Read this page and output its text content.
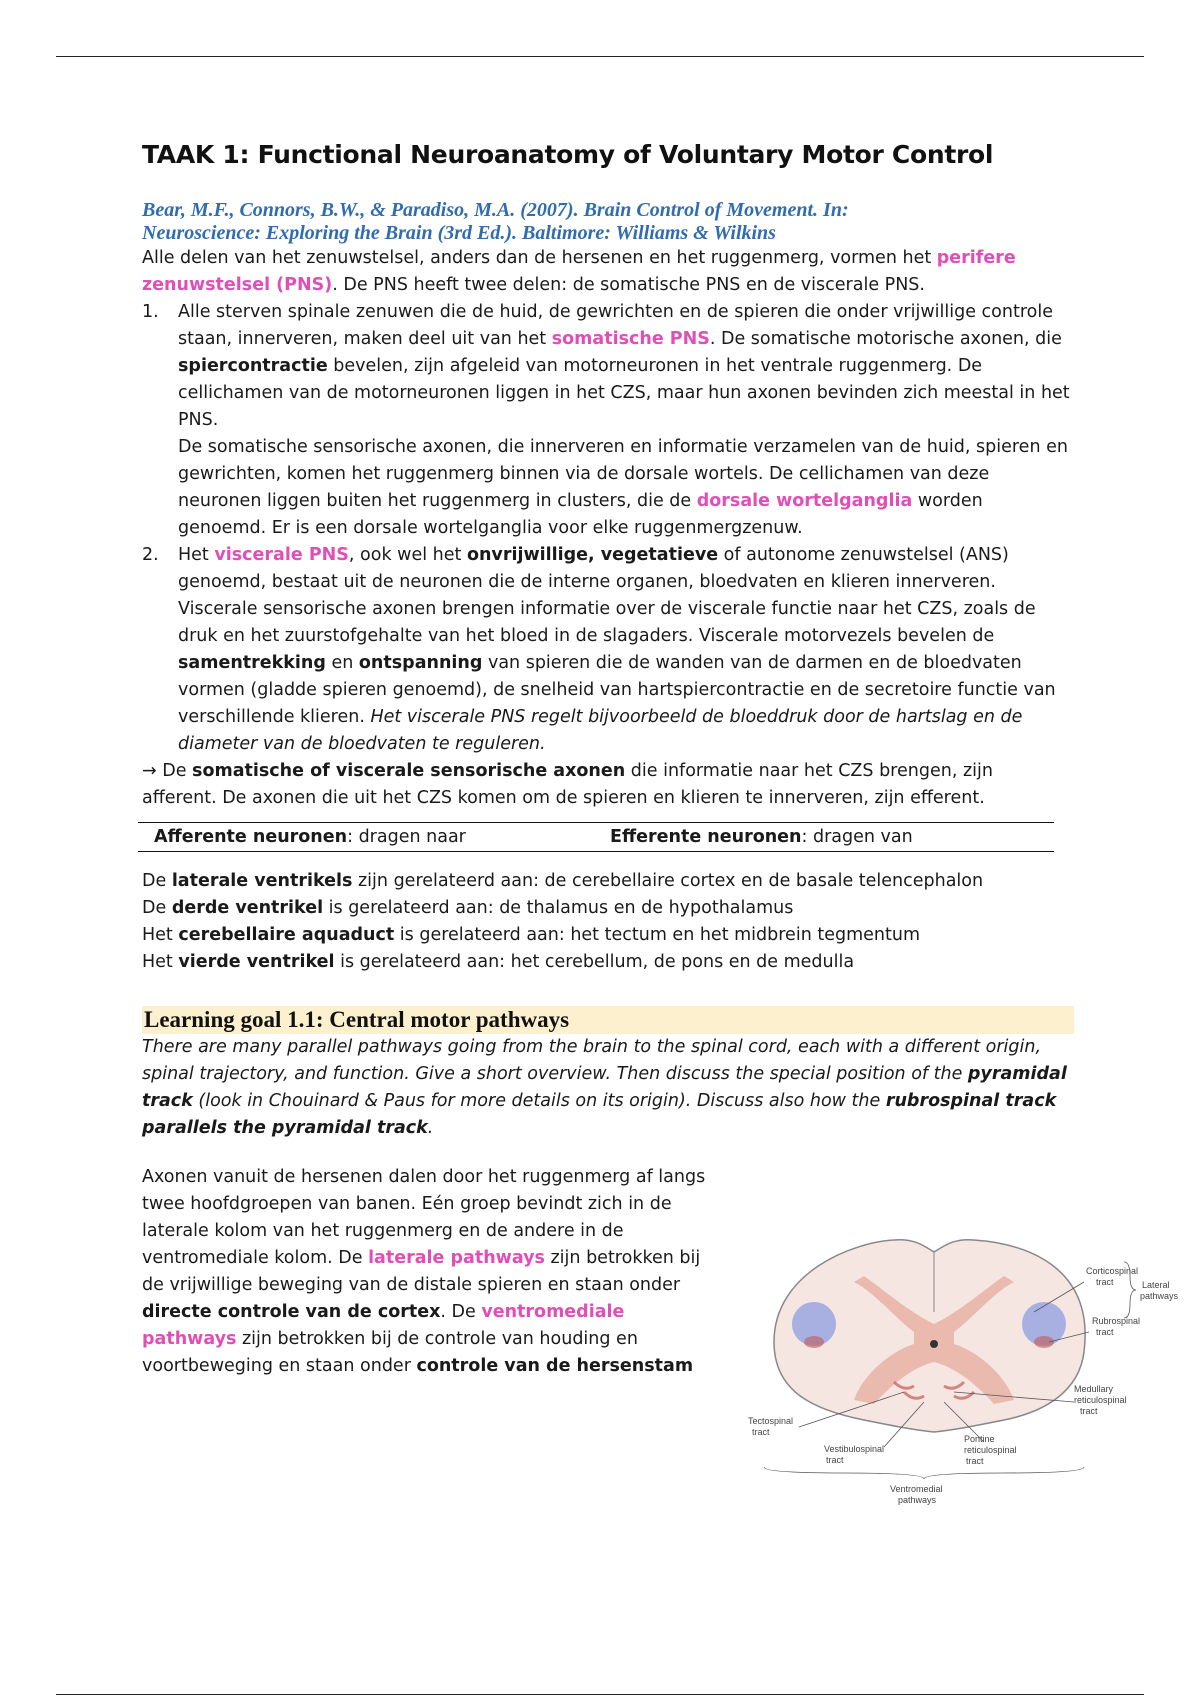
TAAK 1: Functional Neuroanatomy of Voluntary Motor Control
Bear, M.F., Connors, B.W., & Paradiso, M.A. (2007). Brain Control of Movement. In:
Neuroscience: Exploring the Brain (3rd Ed.). Baltimore: Williams & Wilkins

Alle delen van het zenuwstelsel, anders dan de hersenen en het ruggenmerg, vormen het perifere zenuwstelsel (PNS). De PNS heeft twee delen: de somatische PNS en de viscerale PNS.

1.	Alle sterven spinale zenuwen die de huid, de gewrichten en de spieren die onder vrijwillige controle staan, innerveren, maken deel uit van het somatische PNS. De somatische motorische axonen, die spiercontractie bevelen, zijn afgeleid van motorneuronen in het ventrale ruggenmerg. De cellichamen van de motorneuronen liggen in het CZS, maar hun axonen bevinden zich meestal in het PNS.
De somatische sensorische axonen, die innerveren en informatie verzamelen van de huid, spieren en gewrichten, komen het ruggenmerg binnen via de dorsale wortels. De cellichamen van deze neuronen liggen buiten het ruggenmerg in clusters, die de dorsale wortelganglia worden genoemd. Er is een dorsale wortelganglia voor elke ruggenmergzenuw.
2.	Het viscerale PNS, ook wel het onvrijwillige, vegetatieve of autonome zenuwstelsel (ANS) genoemd, bestaat uit de neuronen die de interne organen, bloedvaten en klieren innerveren. Viscerale sensorische axonen brengen informatie over de viscerale functie naar het CZS, zoals de druk en het zuurstofgehalte van het bloed in de slagaders. Viscerale motorvezels bevelen de samentrekking en ontspanning van spieren die de wanden van de darmen en de bloedvaten vormen (gladde spieren genoemd), de snelheid van hartspiercontractie en de secretoire functie van verschillende klieren. Het viscerale PNS regelt bijvoorbeeld de bloeddruk door de hartslag en de diameter van de bloedvaten te reguleren.

→ De somatische of viscerale sensorische axonen die informatie naar het CZS brengen, zijn afferent. De axonen die uit het CZS komen om de spieren en klieren te innerveren, zijn efferent.

Afferente neuronen: dragen naar	Efferente neuronen: dragen van

De laterale ventrikels zijn gerelateerd aan: de cerebellaire cortex en de basale telencephalon

De derde ventrikel is gerelateerd aan: de thalamus en de hypothalamus

Het cerebellaire aquaduct is gerelateerd aan: het tectum en het midbrein tegmentum

Het vierde ventrikel is gerelateerd aan: het cerebellum, de pons en de medulla

Learning goal 1.1: Central motor pathways

There are many parallel pathways going from the brain to the spinal cord, each with a different origin, spinal trajectory, and function. Give a short overview. Then discuss the special position of the pyramidal track (look in Chouinard & Paus for more details on its origin). Discuss also how the rubrospinal track parallels the pyramidal track.

Axonen vanuit de hersenen dalen door het ruggenmerg af langs twee hoofdgroepen van banen. Eén groep bevindt zich in de laterale kolom van het ruggenmerg en de andere in de ventromediale kolom. De laterale pathways zijn betrokken bij de vrijwillige beweging van de distale spieren en staan onder directe controle van de cortex. De ventromediale pathways zijn betrokken bij de controle van houding en voortbeweging en staan onder controle van de hersenstam

Corticospinal tract	Lateral pathways
Rubrospinal tract
Medullary reticulospinal tract
Tectospinal tract
Vestibulospinal tract
Pontine reticulospinal tract
Ventromedial pathways
